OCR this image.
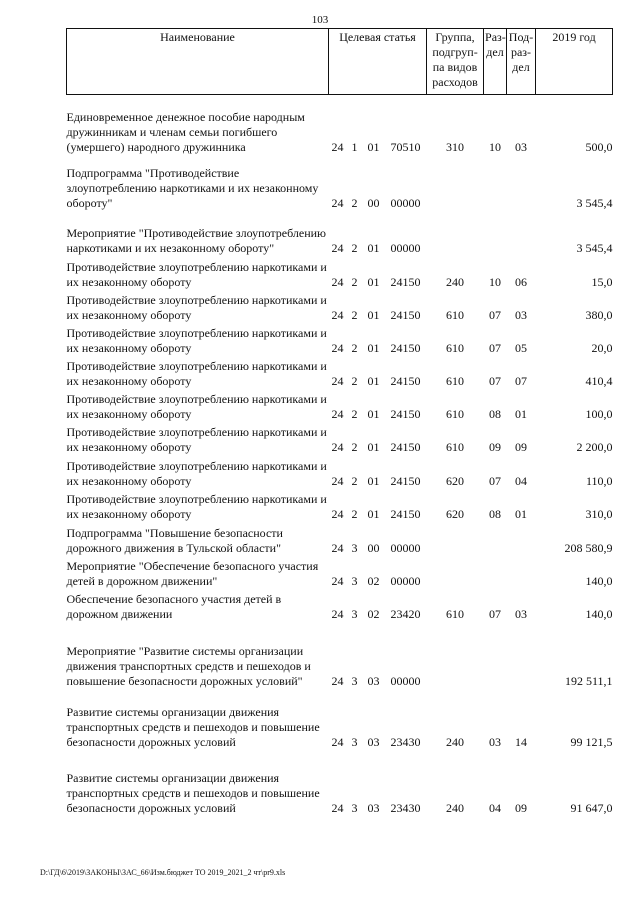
103
Наименование	Целевая статья				Группа, подгруп-па видов расходов	Раз-дел	Под-раз-дел	2019 год
Единовременное денежное пособие народным дружинникам и членам семьи погибшего (умершего) народного дружинника	24	1	01	70510	310	10	03	500,0
Подпрограмма "Противодействие злоупотреблению наркотиками и их незаконному обороту"	24	2	00	00000				3 545,4
Мероприятие "Противодействие злоупотреблению наркотиками и их незаконному обороту"	24	2	01	00000				3 545,4
Противодействие злоупотреблению наркотиками и их незаконному обороту	24	2	01	24150	240	10	06	15,0
Противодействие злоупотреблению наркотиками и их незаконному обороту	24	2	01	24150	610	07	03	380,0
Противодействие злоупотреблению наркотиками и их незаконному обороту	24	2	01	24150	610	07	05	20,0
Противодействие злоупотреблению наркотиками и их незаконному обороту	24	2	01	24150	610	07	07	410,4
Противодействие злоупотреблению наркотиками и их незаконному обороту	24	2	01	24150	610	08	01	100,0
Противодействие злоупотреблению наркотиками и их незаконному обороту	24	2	01	24150	610	09	09	2 200,0
Противодействие злоупотреблению наркотиками и их незаконному обороту	24	2	01	24150	620	07	04	110,0
Противодействие злоупотреблению наркотиками и их незаконному обороту	24	2	01	24150	620	08	01	310,0
Подпрограмма "Повышение безопасности дорожного движения в Тульской области"	24	3	00	00000				208 580,9
Мероприятие "Обеспечение безопасного участия детей в дорожном движении"	24	3	02	00000				140,0
Обеспечение безопасного участия детей в дорожном движении	24	3	02	23420	610	07	03	140,0
Мероприятие "Развитие системы организации движения транспортных средств и пешеходов и повышение безопасности дорожных условий"	24	3	03	00000				192 511,1
Развитие системы организации движения транспортных средств и пешеходов и повышение безопасности дорожных условий	24	3	03	23430	240	03	14	99 121,5
Развитие системы организации движения транспортных средств и пешеходов и повышение безопасности дорожных условий	24	3	03	23430	240	04	09	91 647,0
D:\ГД\6\2019\ЗАКОНЫ\ЗАС_66\Изм.бюджет ТО 2019_2021_2 чт\pr9.xls
